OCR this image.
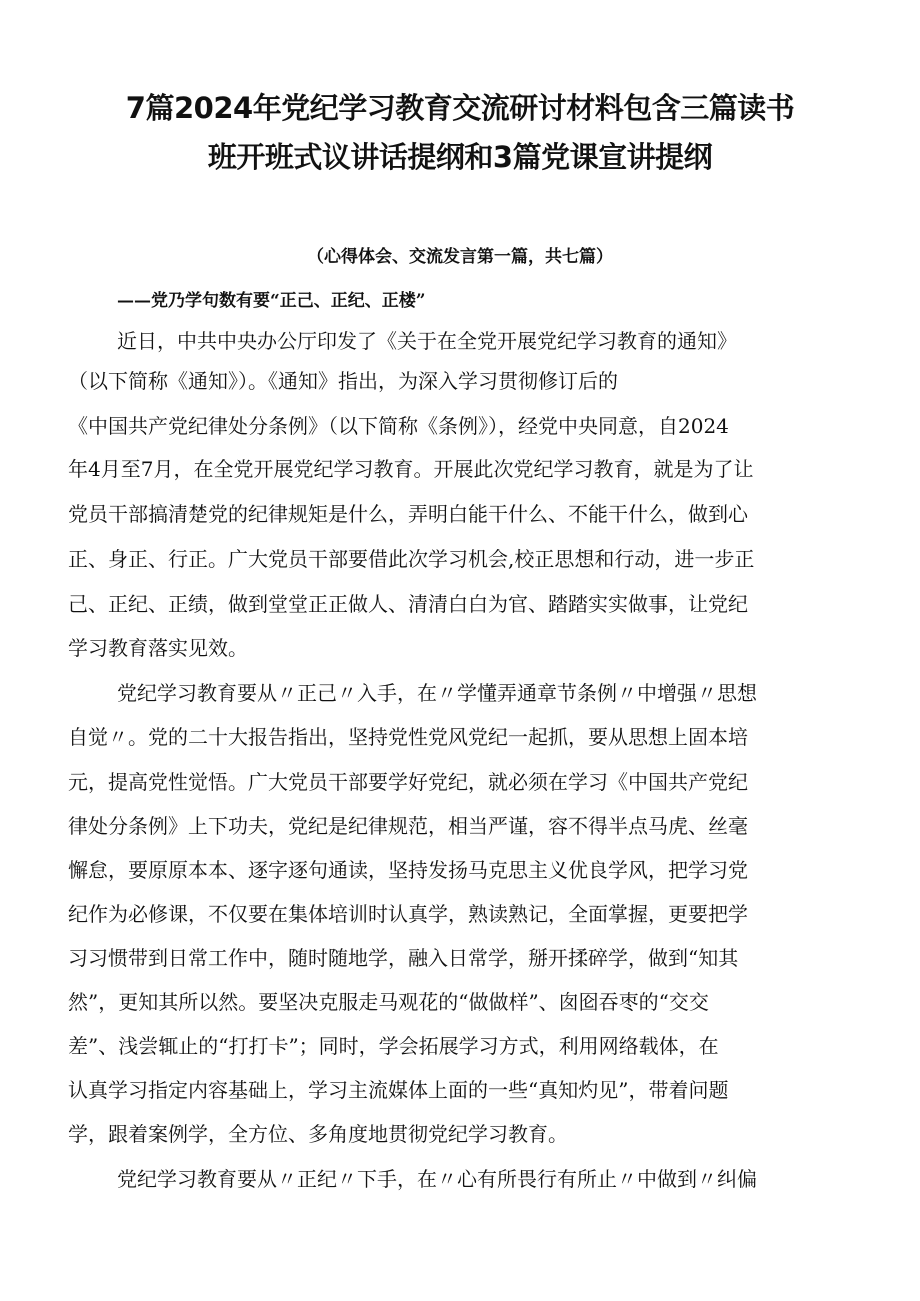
7篇2024年党纪学习教育交流研讨材料包含三篇读书
班开班式议讲话提纲和3篇党课宣讲提纲
（心得体会、交流发言第一篇，共七篇）
——党乃学句数有要“正己、正纪、正楼”
近日，中共中央办公厅印发了《关于在全党开展党纪学习教育的通知》
（以下简称《通知》）。《通知》指出，为深入学习贯彻修订后的
《中国共产党纪律处分条例》（以下简称《条例》），经党中央同意，自2024
年4月至7月，在全党开展党纪学习教育。开展此次党纪学习教育，就是为了让
党员干部搞清楚党的纪律规矩是什么，弄明白能干什么、不能干什么，做到心
正、身正、行正。广大党员干部要借此次学习机会,校正思想和行动，进一步正
己、正纪、正绩，做到堂堂正正做人、清清白白为官、踏踏实实做事，让党纪
学习教育落实见效。
党纪学习教育要从〃正己〃入手，在〃学懂弄通章节条例〃中增强〃思想
自觉〃。党的二十大报告指出，坚持党性党风党纪一起抓，要从思想上固本培
元，提高党性觉悟。广大党员干部要学好党纪，就必须在学习《中国共产党纪
律处分条例》上下功夫，党纪是纪律规范，相当严谨，容不得半点马虎、丝毫
懈怠，要原原本本、逐字逐句通读，坚持发扬马克思主义优良学风，把学习党
纪作为必修课，不仅要在集体培训时认真学，熟读熟记，全面掌握，更要把学
习习惯带到日常工作中，随时随地学，融入日常学，掰开揉碎学，做到“知其
然”，更知其所以然。要坚决克服走马观花的“做做样”、囱囵吞枣的“交交
差”、浅尝辄止的“打打卡”；同时，学会拓展学习方式，利用网络载体，在
认真学习指定内容基础上，学习主流媒体上面的一些“真知灼见”，带着问题
学，跟着案例学，全方位、多角度地贯彻党纪学习教育。
党纪学习教育要从〃正纪〃下手，在〃心有所畏行有所止〃中做到〃纠偏
